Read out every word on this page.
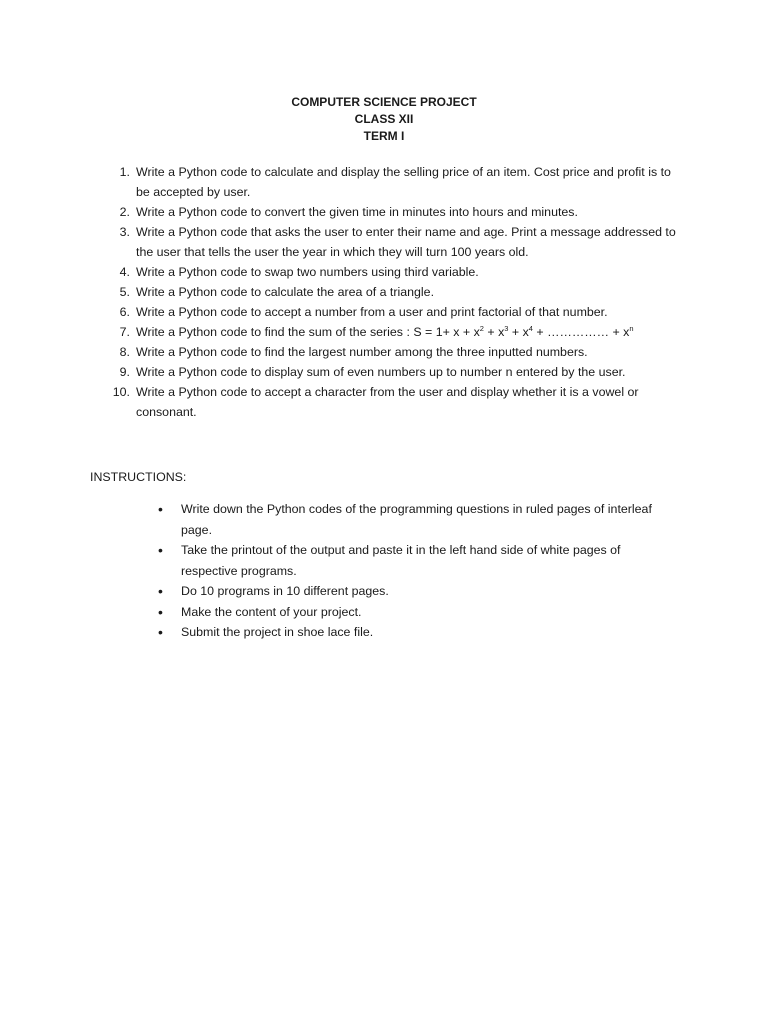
COMPUTER SCIENCE PROJECT
CLASS XII
TERM I
1. Write a Python code to calculate and display the selling price of an item. Cost price and profit is to be accepted by user.
2. Write a Python code to convert the given time in minutes into hours and minutes.
3. Write a Python code that asks the user to enter their name and age. Print a message addressed to the user that tells the user the year in which they will turn 100 years old.
4. Write a Python code to swap two numbers using third variable.
5. Write a Python code to calculate the area of a triangle.
6. Write a Python code to accept a number from a user and print factorial of that number.
7. Write a Python code to find the sum of the series : $S = 1+ x + x^2 + x^3 + x^4$ + …………… + $x^n$
8. Write a Python code to find the largest number among the three inputted numbers.
9. Write a Python code to display sum of even numbers up to number n entered by the user.
10. Write a Python code to accept a character from the user and display whether it is a vowel or consonant.
INSTRUCTIONS:
• Write down the Python codes of the programming questions in ruled pages of interleaf page.
• Take the printout of the output and paste it in the left hand side of white pages of respective programs.
• Do 10 programs in 10 different pages.
• Make the content of your project.
• Submit the project in shoe lace file.
